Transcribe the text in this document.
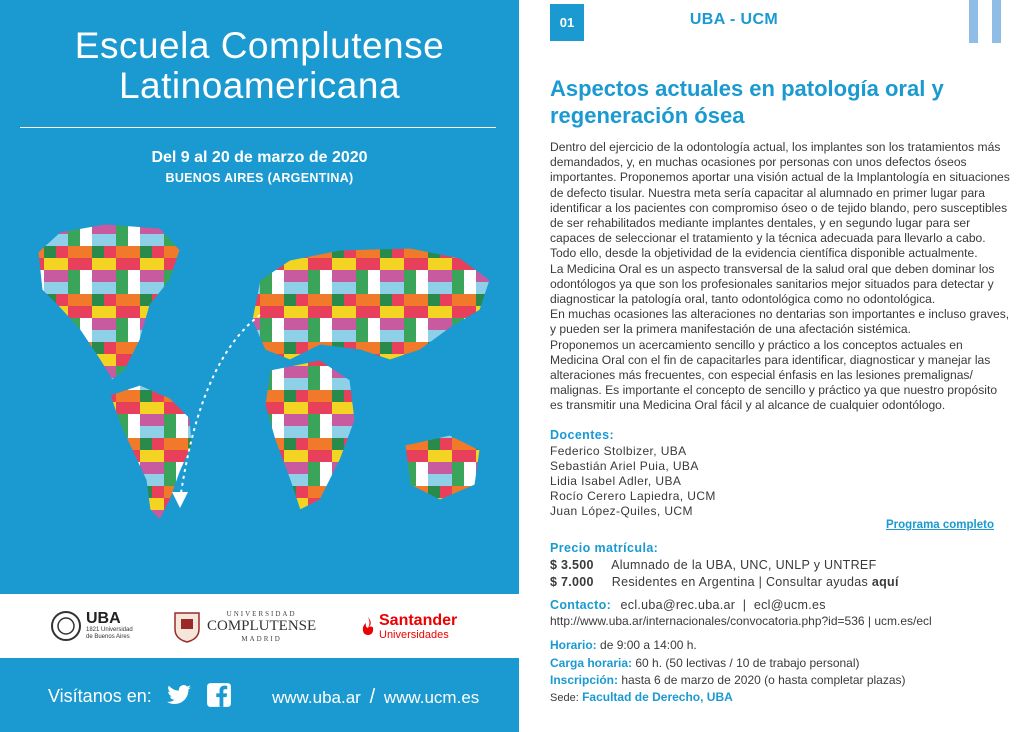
Escuela Complutense
Latinoamericana
Del 9 al 20 de marzo de 2020
BUENOS AIRES (ARGENTINA)
UBA
1821 Universidad
de Buenos Aires
UNIVERSIDAD
COMPLUTENSE
MADRID
Santander
Universidades
Visítanos en:	www.uba.ar / www.ucm.es
01	UBA - UCM
Aspectos actuales en patología oral y
regeneración ósea

Dentro del ejercicio de la odontología actual, los implantes son los tratamientos más demandados, y, en muchas ocasiones por personas con unos defectos óseos importantes. Proponemos aportar una visión actual de la Implantología en situaciones de defecto tisular. Nuestra meta sería capacitar al alumnado en primer lugar para identificar a los pacientes con compromiso óseo o de tejido blando, pero susceptibles de ser rehabilitados mediante implantes dentales, y en segundo lugar para ser capaces de seleccionar el tratamiento y la técnica adecuada para llevarlo a cabo. Todo ello, desde la objetividad de la evidencia científica disponible actualmente.

La Medicina Oral es un aspecto transversal de la salud oral que deben dominar los odontólogos ya que son los profesionales sanitarios mejor situados para detectar y diagnosticar la patología oral, tanto odontológica como no odontológica.

En muchas ocasiones las alteraciones no dentarias son importantes e incluso graves, y pueden ser la primera manifestación de una afectación sistémica.

Proponemos un acercamiento sencillo y práctico a los conceptos actuales en Medicina Oral con el fin de capacitarles para identificar, diagnosticar y manejar las alteraciones más frecuentes, con especial énfasis en las lesiones premalignas/ malignas. Es importante el concepto de sencillo y práctico ya que nuestro propósito es transmitir una Medicina Oral fácil y al alcance de cualquier odontólogo.

Docentes:
Federico Stolbizer, UBA
Sebastián Ariel Puia, UBA
Lidia Isabel Adler, UBA
Rocío Cerero Lapiedra, UCM
Juan López-Quiles, UCM
Programa completo
Precio matrícula:
$ 3.500 Alumnado de la UBA, UNC, UNLP y UNTREF
$ 7.000 Residentes en Argentina | Consultar ayudas aquí
Contacto: ecl.uba@rec.uba.ar  |  ecl@ucm.es
http://www.uba.ar/internacionales/convocatoria.php?id=536 | ucm.es/ecl
Horario: de 9:00 a 14:00 h.
Carga horaria: 60 h. (50 lectivas / 10 de trabajo personal)
Inscripción: hasta 6 de marzo de 2020 (o hasta completar plazas)
Sede: Facultad de Derecho, UBA
